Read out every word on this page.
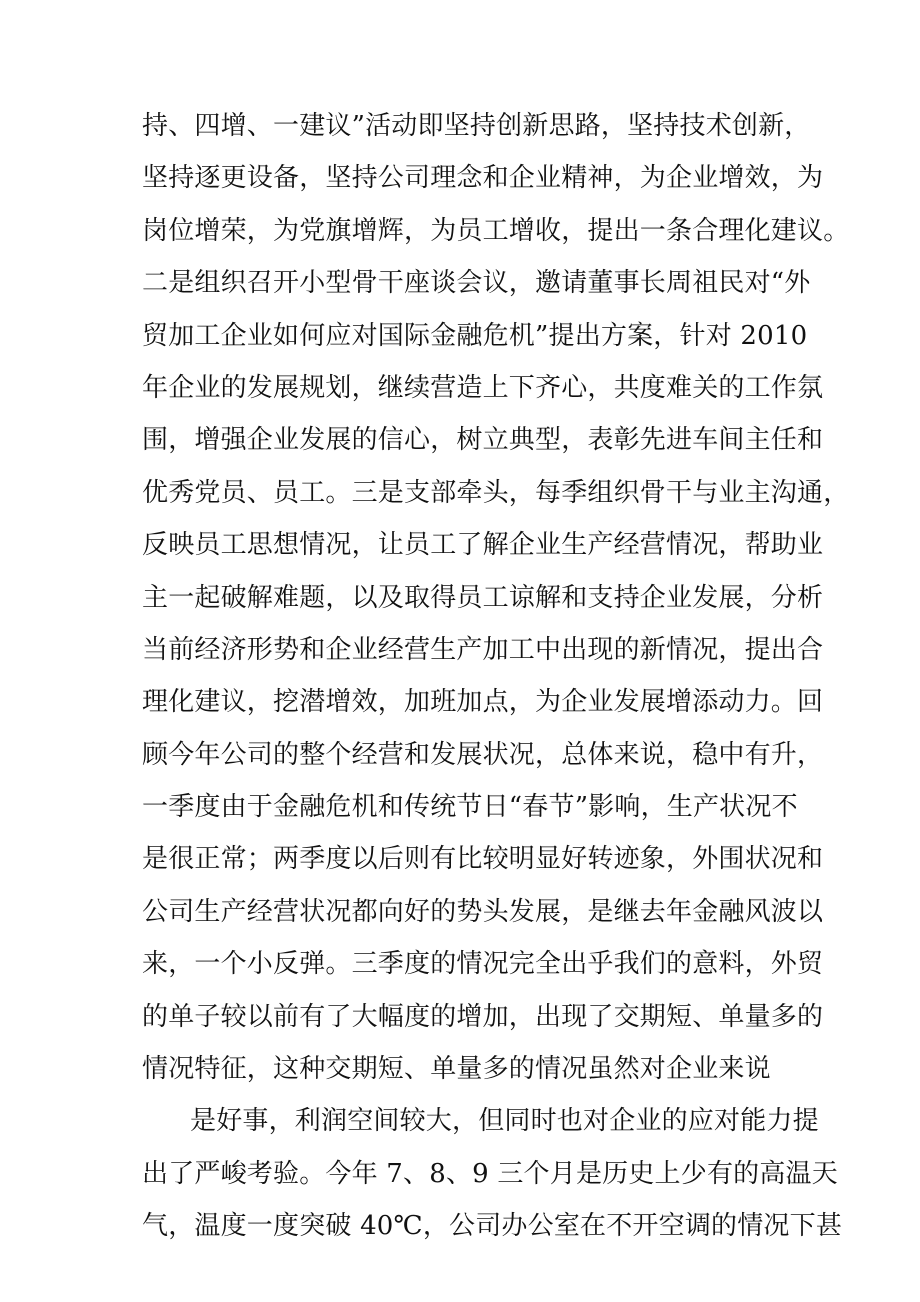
持、四增、一建议”活动即坚持创新思路，坚持技术创新，
坚持逐更设备，坚持公司理念和企业精神，为企业增效，为
岗位增荣，为党旗增辉，为员工增收，提出一条合理化建议。
二是组织召开小型骨干座谈会议，邀请董事长周祖民对“外
贸加工企业如何应对国际金融危机”提出方案，针对 2010
年企业的发展规划，继续营造上下齐心，共度难关的工作氛
围，增强企业发展的信心，树立典型，表彰先进车间主任和
优秀党员、员工。三是支部牵头，每季组织骨干与业主沟通，
反映员工思想情况，让员工了解企业生产经营情况，帮助业
主一起破解难题，以及取得员工谅解和支持企业发展，分析
当前经济形势和企业经营生产加工中出现的新情况，提出合
理化建议，挖潜增效，加班加点，为企业发展增添动力。回
顾今年公司的整个经营和发展状况，总体来说，稳中有升，
一季度由于金融危机和传统节日“春节”影响，生产状况不
是很正常；两季度以后则有比较明显好转迹象，外围状况和
公司生产经营状况都向好的势头发展，是继去年金融风波以
来，一个小反弹。三季度的情况完全出乎我们的意料，外贸
的单子较以前有了大幅度的增加，出现了交期短、单量多的
情况特征，这种交期短、单量多的情况虽然对企业来说
是好事，利润空间较大，但同时也对企业的应对能力提
出了严峻考验。今年 7、8、9 三个月是历史上少有的高温天
气，温度一度突破 40℃，公司办公室在不开空调的情况下甚
